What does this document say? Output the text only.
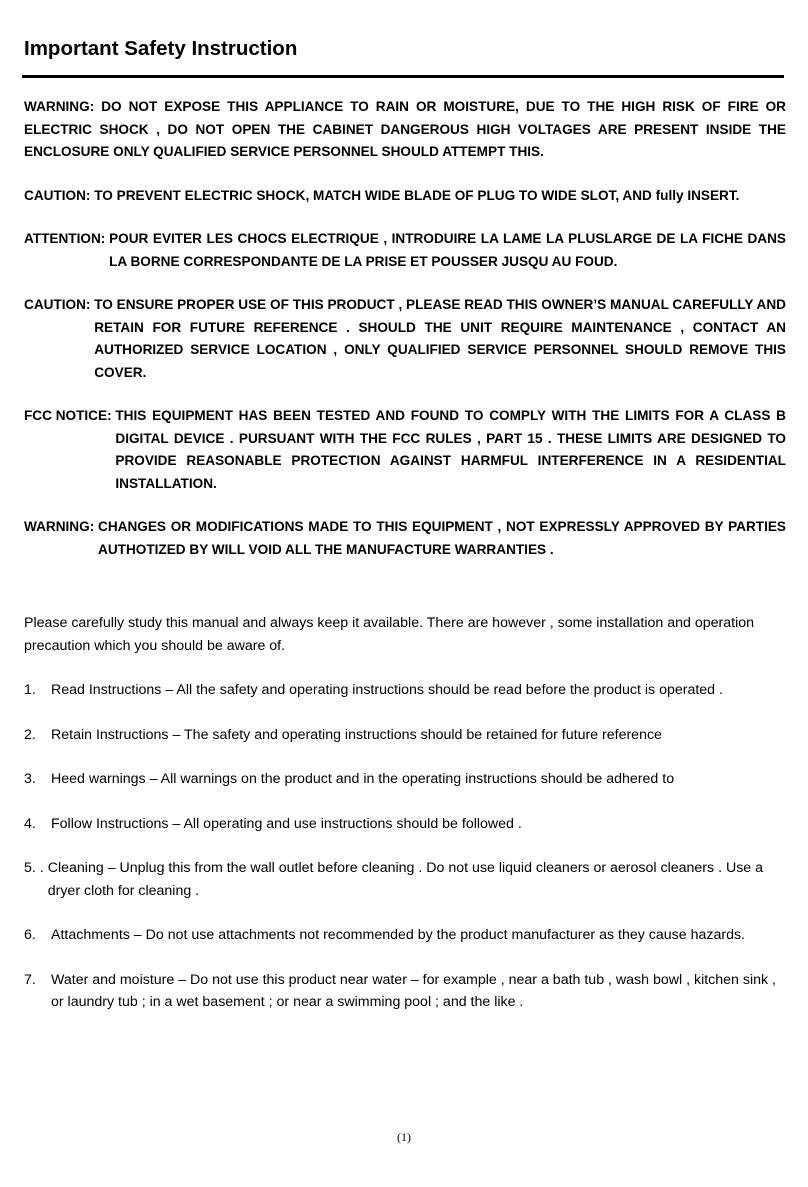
Important Safety Instruction
WARNING: DO NOT EXPOSE THIS APPLIANCE TO RAIN OR MOISTURE, DUE TO THE HIGH RISK OF FIRE OR ELECTRIC SHOCK , DO NOT OPEN THE CABINET DANGEROUS HIGH VOLTAGES ARE PRESENT INSIDE THE ENCLOSURE ONLY QUALIFIED SERVICE PERSONNEL SHOULD ATTEMPT THIS.
CAUTION: TO PREVENT ELECTRIC SHOCK, MATCH WIDE BLADE OF PLUG TO WIDE SLOT, AND fully INSERT.
ATTENTION: POUR EVITER LES CHOCS ELECTRIQUE , INTRODUIRE LA LAME LA PLUSLARGE DE LA FICHE DANS LA BORNE CORRESPONDANTE DE LA PRISE ET POUSSER JUSQU AU FOUD.
CAUTION: TO ENSURE PROPER USE OF THIS PRODUCT , PLEASE READ THIS OWNER’S MANUAL CAREFULLY AND RETAIN FOR FUTURE REFERENCE . SHOULD THE UNIT REQUIRE MAINTENANCE , CONTACT AN AUTHORIZED SERVICE LOCATION , ONLY QUALIFIED SERVICE PERSONNEL SHOULD REMOVE THIS COVER.
FCC NOTICE: THIS EQUIPMENT HAS BEEN TESTED AND FOUND TO COMPLY WITH THE LIMITS FOR A CLASS B DIGITAL DEVICE . PURSUANT WITH THE FCC RULES , PART 15 . THESE LIMITS ARE DESIGNED TO PROVIDE REASONABLE PROTECTION AGAINST HARMFUL INTERFERENCE IN A RESIDENTIAL INSTALLATION.
WARNING: CHANGES OR MODIFICATIONS MADE TO THIS EQUIPMENT , NOT EXPRESSLY APPROVED BY PARTIES AUTHOTIZED BY WILL VOID ALL THE MANUFACTURE WARRANTIES .
Please carefully study this manual and always keep it available. There are however , some installation and operation precaution which you should be aware of.
1.	Read Instructions – All the safety and operating instructions should be read before the product is operated .
2.	Retain Instructions – The safety and operating instructions should be retained for future reference
3.	Heed warnings – All warnings on the product and in the operating instructions should be adhered to
4.	Follow Instructions – All operating and use instructions should be followed .
5. . Cleaning – Unplug this from the wall outlet before cleaning . Do not use liquid cleaners or aerosol cleaners . Use a dryer cloth for cleaning .
6.	Attachments – Do not use attachments not recommended by the product manufacturer as they cause hazards.
7.	Water and moisture – Do not use this product near water – for example , near a bath tub , wash bowl , kitchen sink , or laundry tub ; in a wet basement ; or near a swimming pool ; and the like .
(1)
